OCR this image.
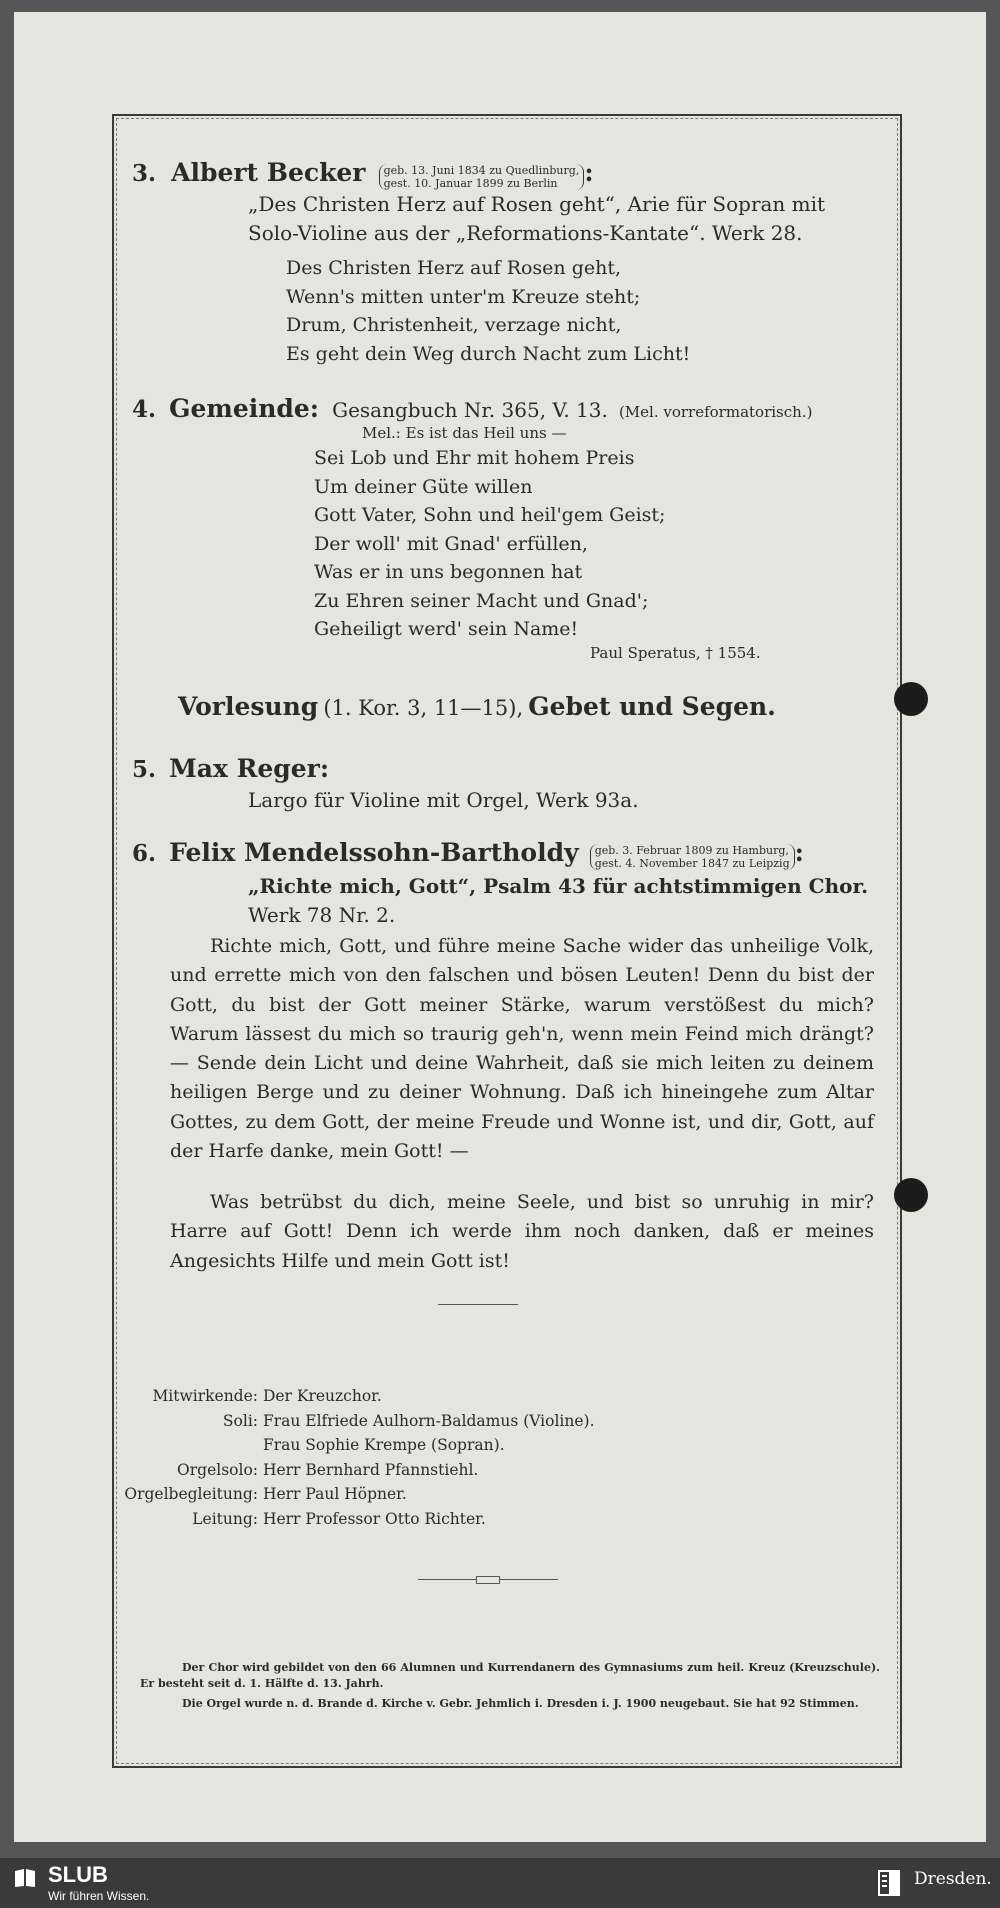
3. Albert Becker geb. 13. Juni 1834 zu Quedlinburg,
gest. 10. Januar 1899 zu Berlin :
„Des Christen Herz auf Rosen geht“, Arie für Sopran mit
Solo-Violine aus der „Reformations-Kantate“. Werk 28.
Des Christen Herz auf Rosen geht,
Wenn's mitten unter'm Kreuze steht;
Drum, Christenheit, verzage nicht,
Es geht dein Weg durch Nacht zum Licht!
4. Gemeinde: Gesangbuch Nr. 365, V. 13. (Mel. vorreformatorisch.)
Mel.: Es ist das Heil uns —
Sei Lob und Ehr mit hohem Preis
Um deiner Güte willen
Gott Vater, Sohn und heil'gem Geist;
Der woll' mit Gnad' erfüllen,
Was er in uns begonnen hat
Zu Ehren seiner Macht und Gnad';
Geheiligt werd' sein Name!
Paul Speratus, † 1554.
Vorlesung (1. Kor. 3, 11—15), Gebet und Segen.
5. Max Reger:
Largo für Violine mit Orgel, Werk 93a.
6. Felix Mendelssohn-Bartholdy geb. 3. Februar 1809 zu Hamburg,
gest. 4. November 1847 zu Leipzig :
„Richte mich, Gott“, Psalm 43 für achtstimmigen Chor.
Werk 78 Nr. 2.
Richte mich, Gott, und führe meine Sache wider das unheilige Volk, und errette mich von den falschen und bösen Leuten! Denn du bist der Gott, du bist der Gott meiner Stärke, warum verstößest du mich? Warum lässest du mich so traurig geh'n, wenn mein Feind mich drängt? — Sende dein Licht und deine Wahrheit, daß sie mich leiten zu deinem heiligen Berge und zu deiner Wohnung. Daß ich hineingehe zum Altar Gottes, zu dem Gott, der meine Freude und Wonne ist, und dir, Gott, auf der Harfe danke, mein Gott! —
Was betrübst du dich, meine Seele, und bist so unruhig in mir? Harre auf Gott! Denn ich werde ihm noch danken, daß er meines Angesichts Hilfe und mein Gott ist!
Mitwirkende: Der Kreuzchor.
Soli: Frau Elfriede Aulhorn-Baldamus (Violine).
Frau Sophie Krempe (Sopran).
Orgelsolo: Herr Bernhard Pfannstiehl.
Orgelbegleitung: Herr Paul Höpner.
Leitung: Herr Professor Otto Richter.
Der Chor wird gebildet von den 66 Alumnen und Kurrendanern des Gymnasiums zum heil. Kreuz (Kreuzschule). Er besteht seit d. 1. Hälfte d. 13. Jahrh.
Die Orgel wurde n. d. Brande d. Kirche v. Gebr. Jehmlich i. Dresden i. J. 1900 neugebaut. Sie hat 92 Stimmen.
SLUB
Wir führen Wissen.
Dresden.
